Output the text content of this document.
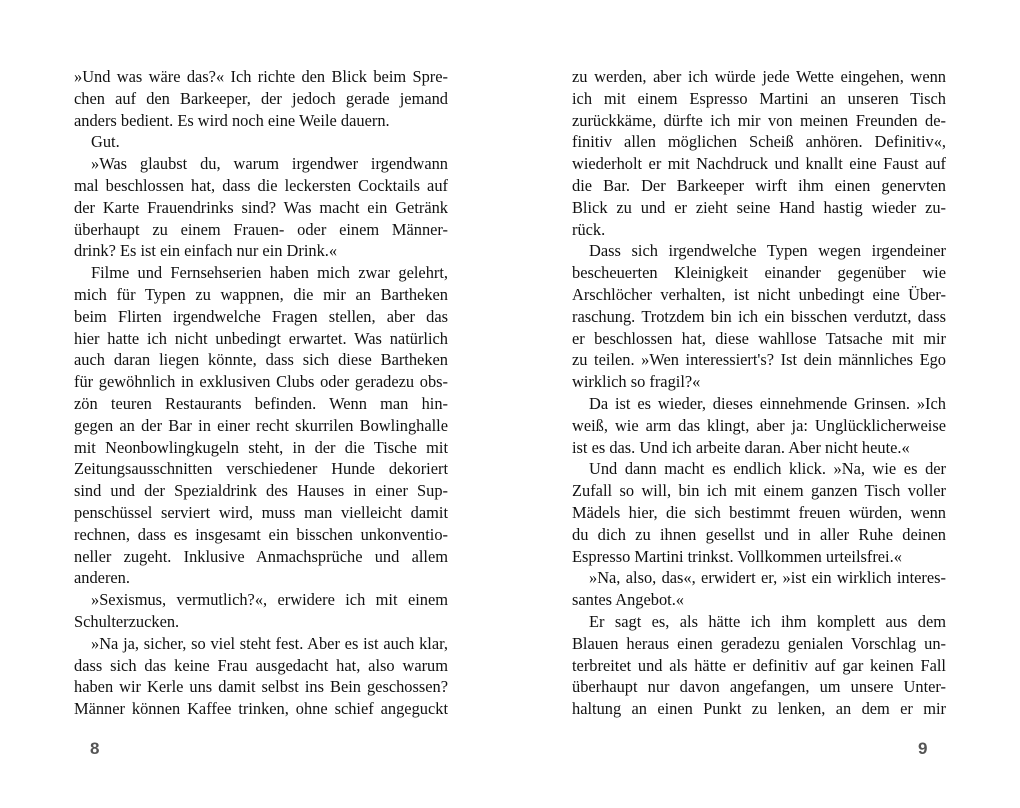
»Und was wäre das?« Ich richte den Blick beim Spre-
chen auf den Barkeeper, der jedoch gerade jemand
anders bedient. Es wird noch eine Weile dauern.
Gut.
»Was glaubst du, warum irgendwer irgendwann
mal beschlossen hat, dass die leckersten Cocktails auf
der Karte Frauendrinks sind? Was macht ein Getränk
überhaupt zu einem Frauen- oder einem Männer-
drink? Es ist ein einfach nur ein Drink.«
Filme und Fernsehserien haben mich zwar gelehrt,
mich für Typen zu wappnen, die mir an Bartheken
beim Flirten irgendwelche Fragen stellen, aber das
hier hatte ich nicht unbedingt erwartet. Was natürlich
auch daran liegen könnte, dass sich diese Bartheken
für gewöhnlich in exklusiven Clubs oder geradezu obs-
zön teuren Restaurants befinden. Wenn man hin-
gegen an der Bar in einer recht skurrilen Bowlinghalle
mit Neonbowlingkugeln steht, in der die Tische mit
Zeitungsausschnitten verschiedener Hunde dekoriert
sind und der Spezialdrink des Hauses in einer Sup-
penschüssel serviert wird, muss man vielleicht damit
rechnen, dass es insgesamt ein bisschen unkonventio-
neller zugeht. Inklusive Anmachsprüche und allem
anderen.
»Sexismus, vermutlich?«, erwidere ich mit einem
Schulterzucken.
»Na ja, sicher, so viel steht fest. Aber es ist auch klar,
dass sich das keine Frau ausgedacht hat, also warum
haben wir Kerle uns damit selbst ins Bein geschossen?
Männer können Kaffee trinken, ohne schief angeguckt
8
zu werden, aber ich würde jede Wette eingehen, wenn
ich mit einem Espresso Martini an unseren Tisch
zurückkäme, dürfte ich mir von meinen Freunden de-
finitiv allen möglichen Scheiß anhören. Definitiv«,
wiederholt er mit Nachdruck und knallt eine Faust auf
die Bar. Der Barkeeper wirft ihm einen genervten
Blick zu und er zieht seine Hand hastig wieder zu-
rück.
Dass sich irgendwelche Typen wegen irgendeiner
bescheuerten Kleinigkeit einander gegenüber wie
Arschlöcher verhalten, ist nicht unbedingt eine Über-
raschung. Trotzdem bin ich ein bisschen verdutzt, dass
er beschlossen hat, diese wahllose Tatsache mit mir
zu teilen. »Wen interessiert's? Ist dein männliches Ego
wirklich so fragil?«
Da ist es wieder, dieses einnehmende Grinsen. »Ich
weiß, wie arm das klingt, aber ja: Unglücklicherweise
ist es das. Und ich arbeite daran. Aber nicht heute.«
Und dann macht es endlich klick. »Na, wie es der
Zufall so will, bin ich mit einem ganzen Tisch voller
Mädels hier, die sich bestimmt freuen würden, wenn
du dich zu ihnen gesellst und in aller Ruhe deinen
Espresso Martini trinkst. Vollkommen urteilsfrei.«
»Na, also, das«, erwidert er, »ist ein wirklich interes-
santes Angebot.«
Er sagt es, als hätte ich ihm komplett aus dem
Blauen heraus einen geradezu genialen Vorschlag un-
terbreitet und als hätte er definitiv auf gar keinen Fall
überhaupt nur davon angefangen, um unsere Unter-
haltung an einen Punkt zu lenken, an dem er mir
9
